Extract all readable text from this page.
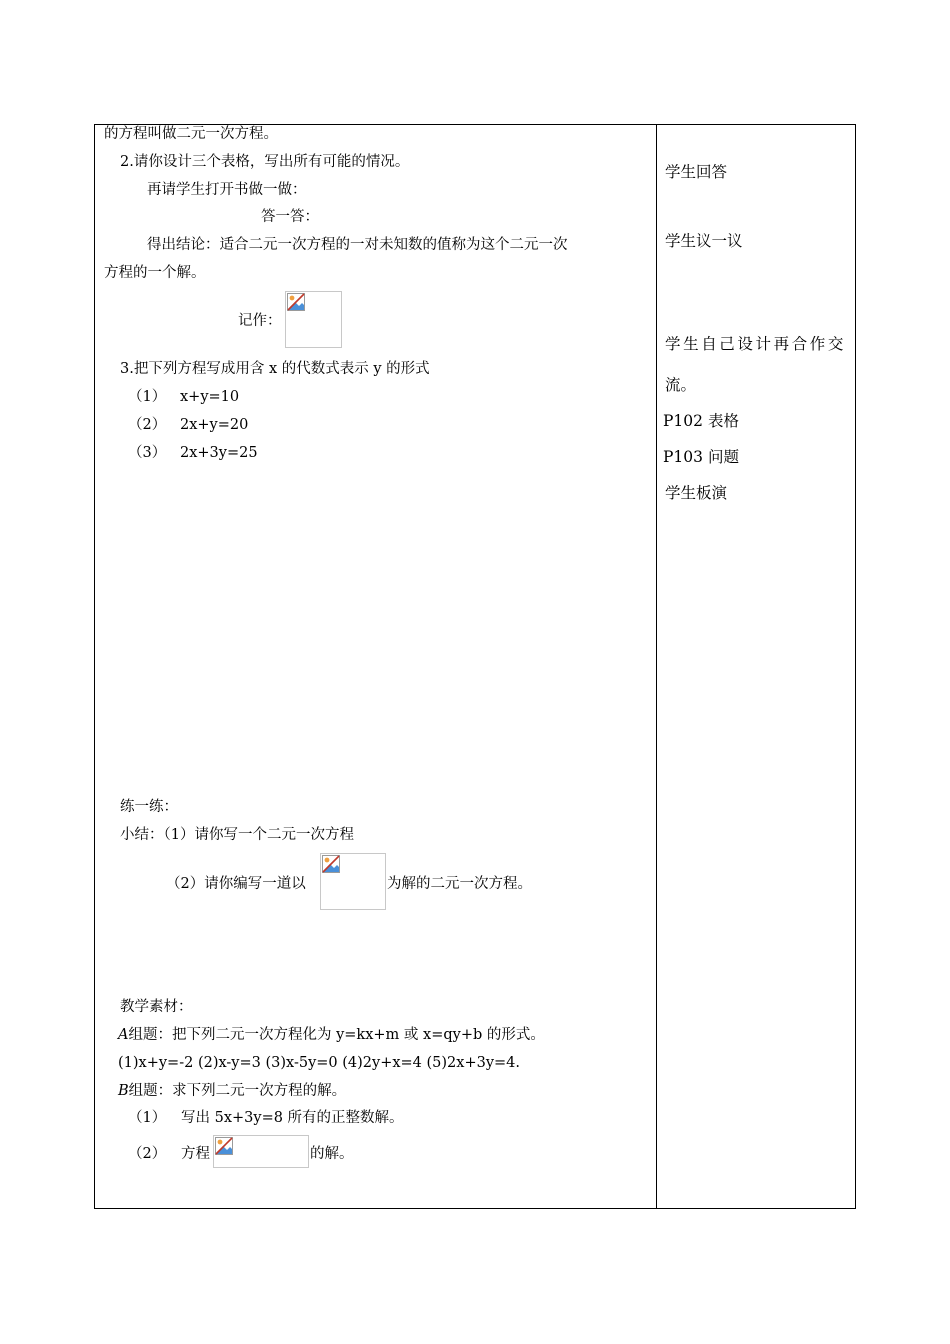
的方程叫做二元一次方程。
2.请你设计三个表格，写出所有可能的情况。
再请学生打开书做一做：
答一答：
得出结论：适合二元一次方程的一对未知数的值称为这个二元一次
方程的一个解。
记作：
3.把下列方程写成用含 x 的代数式表示 y 的形式
（1） x+y=10
（2） 2x+y=20
（3） 2x+3y=25
练一练：
小结：（1）请你写一个二元一次方程
（2）请你编写一道以	为解的二元一次方程。
教学素材：
A组题：把下列二元一次方程化为 y=kx+m 或 x=qy+b 的形式。
(1)x+y=-2 (2)x-y=3 (3)x-5y=0 (4)2y+x=4 (5)2x+3y=4.
B组题：求下列二元一次方程的解。
（1） 写出 5x+3y=8 所有的正整数解。
（2） 方程	的解。
学生回答
学生议一议
学生自己设计再合作交
流。
P102 表格
P103 问题
学生板演
